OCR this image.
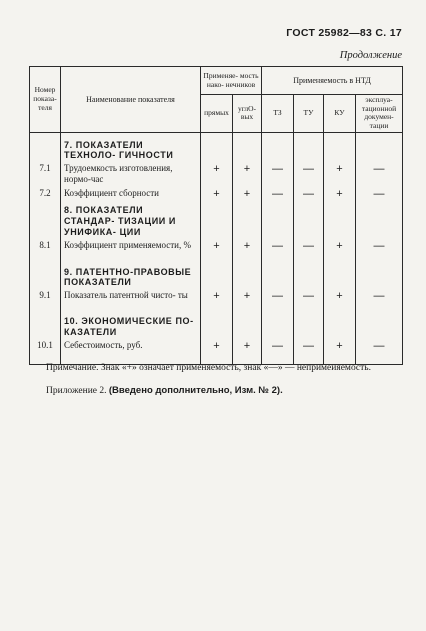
ГОСТ 25982—83 С. 17
Продолжение
Номер показа- теля	Наименование показателя	Применяе- мость нако- нечников		Применяемость в НТД			
		прямых	углО- вых	ТЗ	ТУ	КУ	эксплуа- тационной докумен- тации
	7. ПОКАЗАТЕЛИ ТЕХНОЛО- ГИЧНОСТИ						
7.1	Трудоемкость изготовления, нормо-час	+	+	—	—	+	—
7.2	Коэффициент сборности	+	+	—	—	+	—
	8. ПОКАЗАТЕЛИ СТАНДАР- ТИЗАЦИИ И УНИФИКА- ЦИИ						
8.1	Коэффициент применяемости, %	+	+	—	—	+	—
	9. ПАТЕНТНО-ПРАВОВЫЕ ПОКАЗАТЕЛИ						
9.1	Показатель патентной чисто- ты	+	+	—	—	+	—
	10. ЭКОНОМИЧЕСКИЕ ПО- КАЗАТЕЛИ						
10.1	Себестоимость, руб.	+	+	—	—	+	—

Примечание. Знак «+» означает применяемость, знак «—» — непримеияемость.

Приложение 2. (Введено дополнительно, Изм. № 2).
